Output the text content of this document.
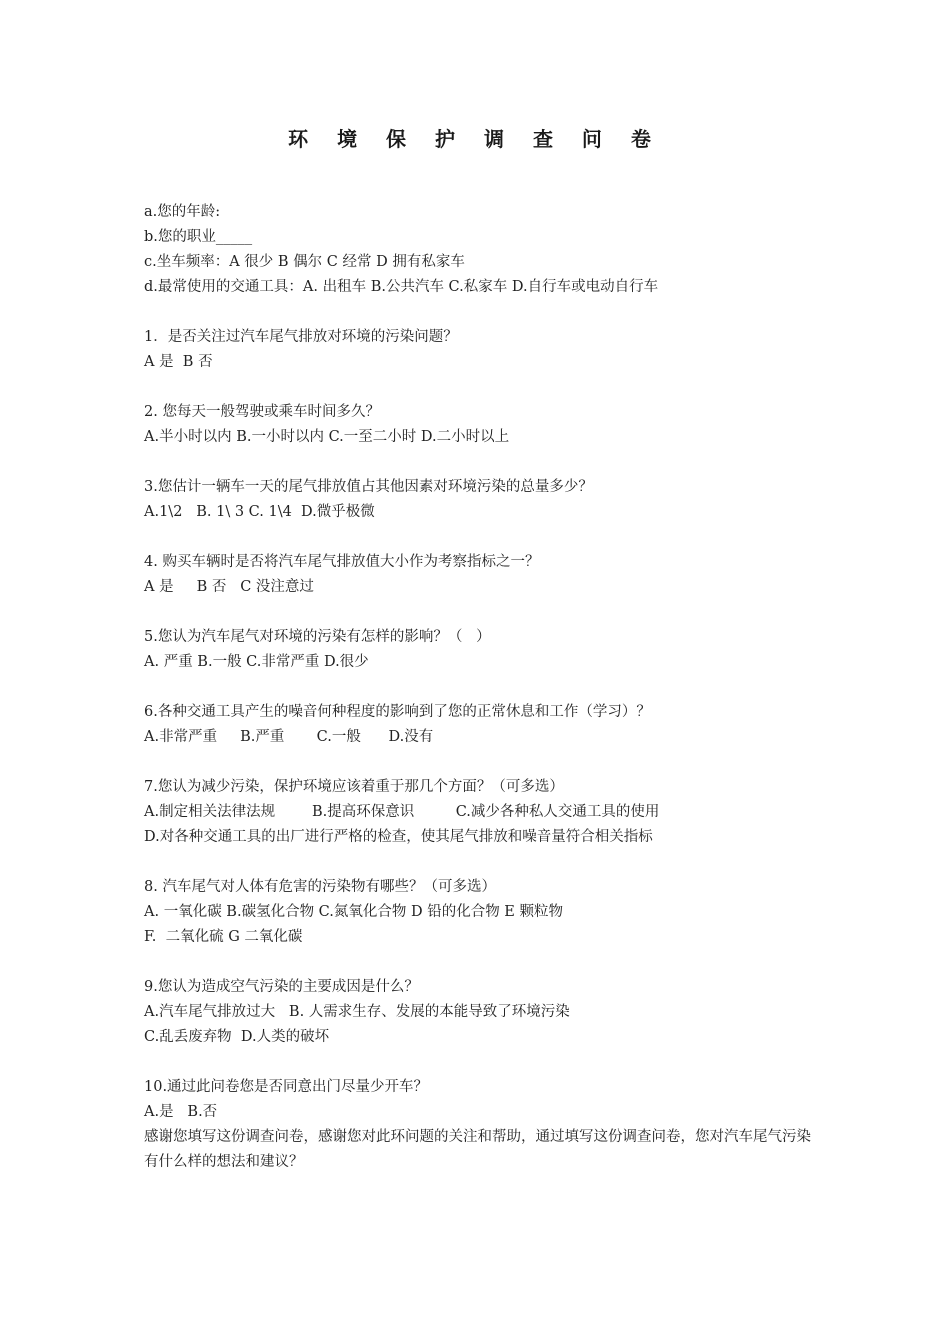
环 境 保 护 调 查 问 卷
a.您的年龄:
b.您的职业_____
c.坐车频率：A 很少 B 偶尔 C 经常 D 拥有私家车
d.最常使用的交通工具：A. 出租车 B.公共汽车 C.私家车 D.自行车或电动自行车
1．是否关注过汽车尾气排放对环境的污染问题？
A 是  B 否
2. 您每天一般驾驶或乘车时间多久？
A.半小时以内 B.一小时以内 C.一至二小时 D.二小时以上
3.您估计一辆车一天的尾气排放值占其他因素对环境污染的总量多少？
A.1\2   B. 1\ 3 C. 1\4  D.微乎极微
4. 购买车辆时是否将汽车尾气排放值大小作为考察指标之一？
A 是     B 否   C 没注意过
5.您认为汽车尾气对环境的污染有怎样的影响？（   ）
A. 严重 B.一般 C.非常严重 D.很少
6.各种交通工具产生的噪音何种程度的影响到了您的正常休息和工作（学习）？
A.非常严重     B.严重       C.一般      D.没有
7.您认为减少污染，保护环境应该着重于那几个方面？（可多选）
A.制定相关法律法规        B.提高环保意识         C.减少各种私人交通工具的使用
D.对各种交通工具的出厂进行严格的检查，使其尾气排放和噪音量符合相关指标
8. 汽车尾气对人体有危害的污染物有哪些？（可多选）
A. 一氧化碳 B.碳氢化合物 C.氮氧化合物 D 铅的化合物 E 颗粒物
F.  二氧化硫 G 二氧化碳
9.您认为造成空气污染的主要成因是什么？
A.汽车尾气排放过大   B. 人需求生存、发展的本能导致了环境污染
C.乱丢废弃物  D.人类的破坏
10.通过此问卷您是否同意出门尽量少开车？
A.是   B.否
感谢您填写这份调查问卷，感谢您对此环问题的关注和帮助，通过填写这份调查问卷，您对汽车尾气污染有什么样的想法和建议？
